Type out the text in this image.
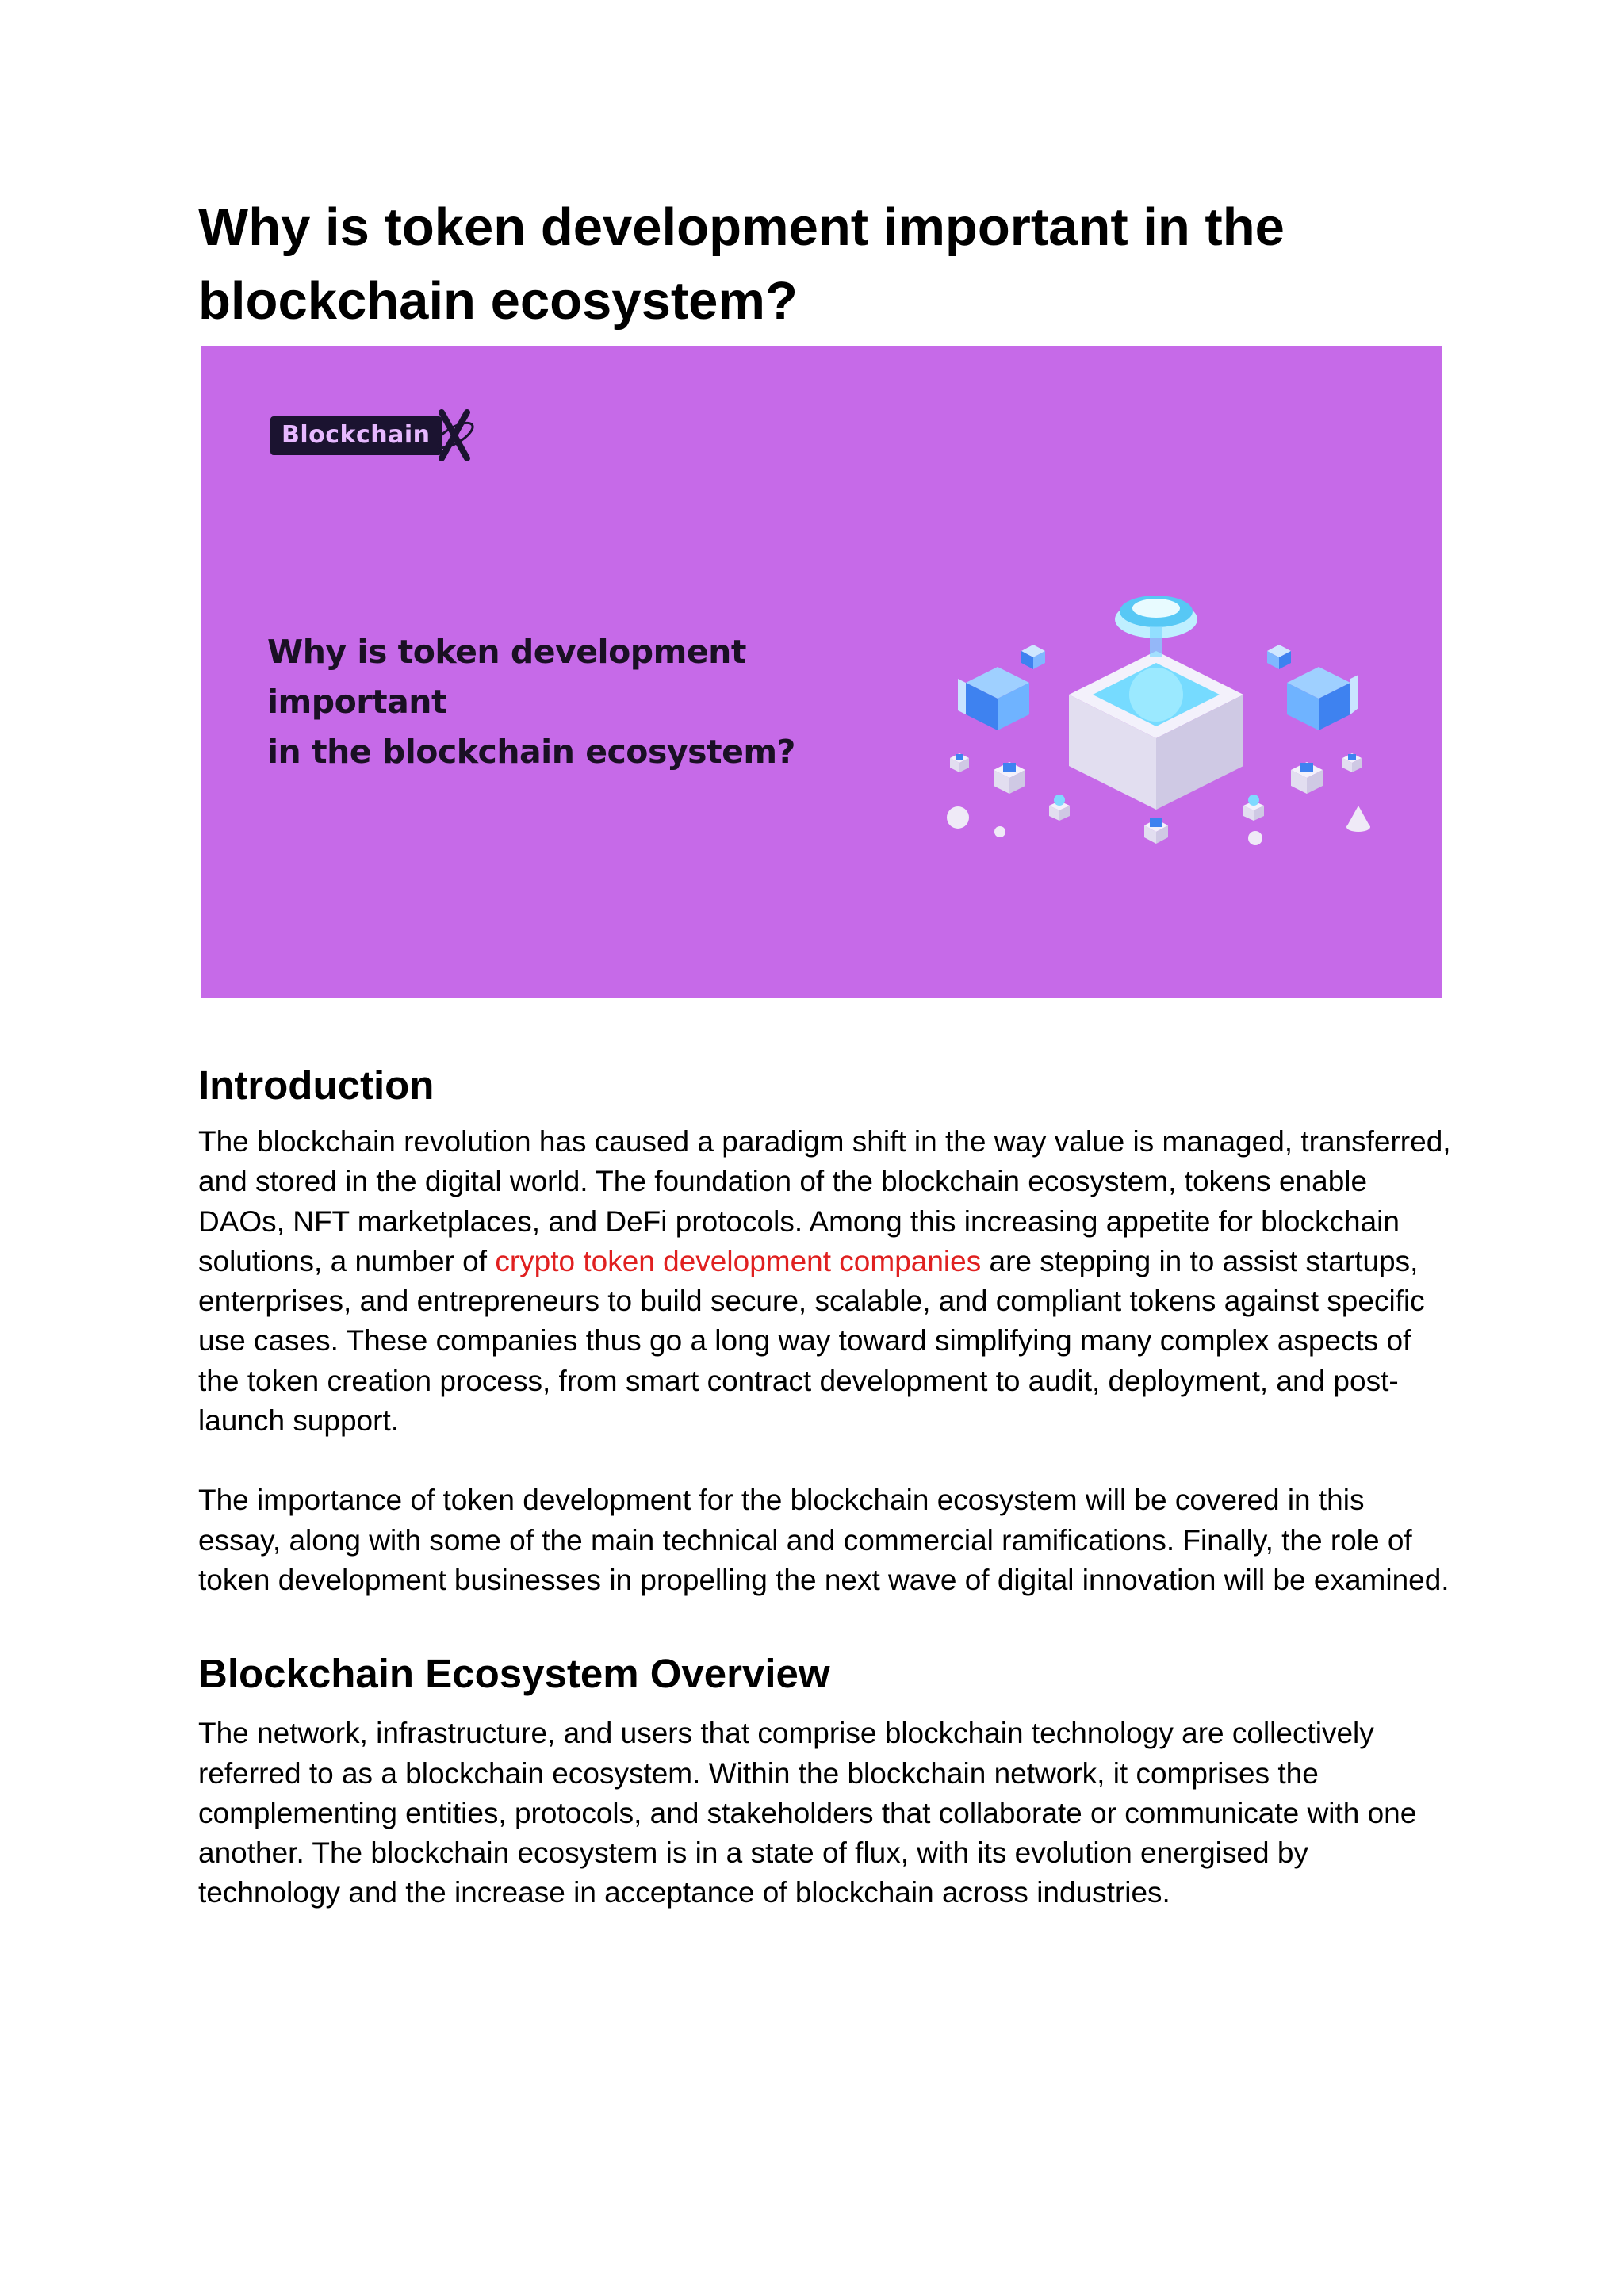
Why is token development important in the blockchain ecosystem?
Blockchain
Why is token development important
in the blockchain ecosystem?
Introduction

The blockchain revolution has caused a paradigm shift in the way value is managed, transferred, and stored in the digital world. The foundation of the blockchain ecosystem, tokens enable DAOs, NFT marketplaces, and DeFi protocols. Among this increasing appetite for blockchain solutions, a number of crypto token development companies are stepping in to assist startups, enterprises, and entrepreneurs to build secure, scalable, and compliant tokens against specific use cases. These companies thus go a long way toward simplifying many complex aspects of the token creation process, from smart contract development to audit, deployment, and post-launch support.

The importance of token development for the blockchain ecosystem will be covered in this essay, along with some of the main technical and commercial ramifications. Finally, the role of token development businesses in propelling the next wave of digital innovation will be examined.

Blockchain Ecosystem Overview

The network, infrastructure, and users that comprise blockchain technology are collectively referred to as a blockchain ecosystem. Within the blockchain network, it comprises the complementing entities, protocols, and stakeholders that collaborate or communicate with one another. The blockchain ecosystem is in a state of flux, with its evolution energised by technology and the increase in acceptance of blockchain across industries.
